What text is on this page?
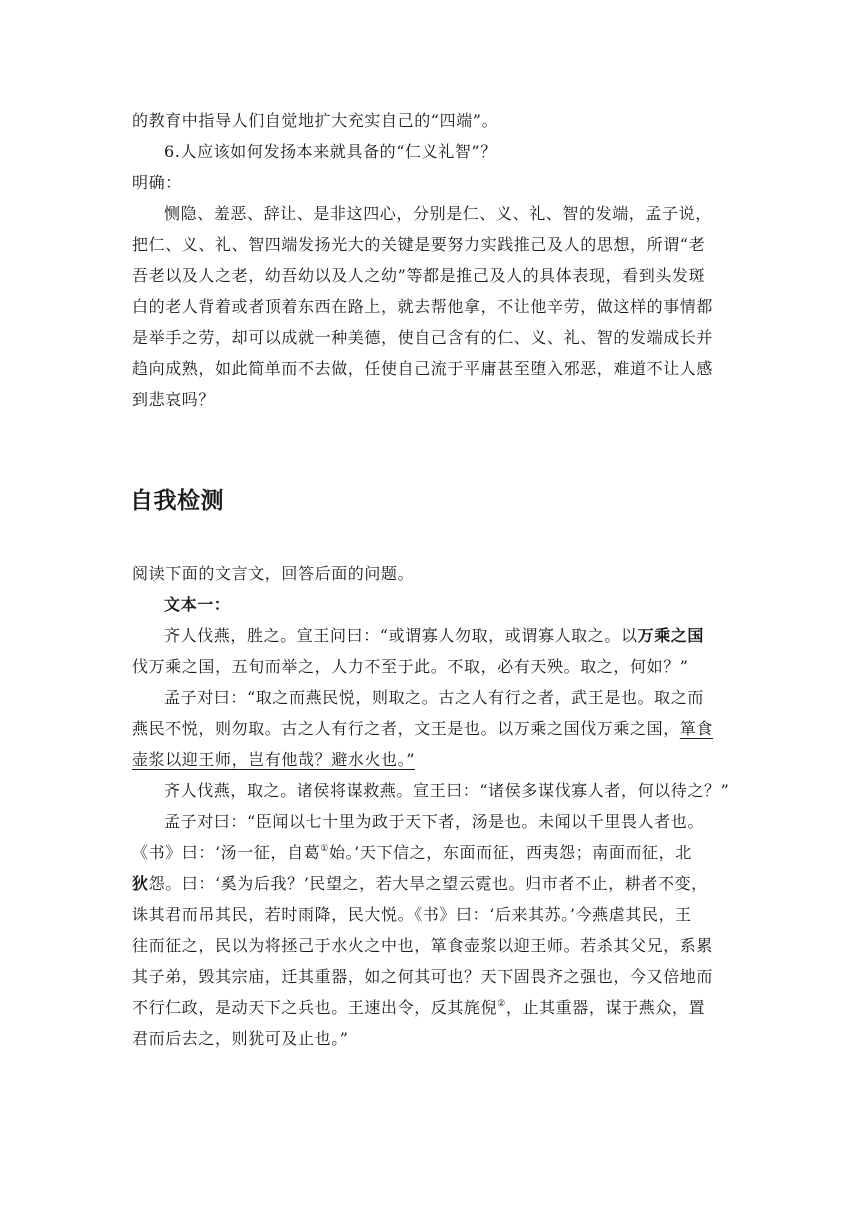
的教育中指导人们自觉地扩大充实自己的“四端”。
6.人应该如何发扬本来就具备的“仁义礼智”？
明确：
恻隐、羞恶、辞让、是非这四心，分别是仁、义、礼、智的发端，孟子说，
把仁、义、礼、智四端发扬光大的关键是要努力实践推己及人的思想，所谓“老
吾老以及人之老，幼吾幼以及人之幼”等都是推己及人的具体表现，看到头发斑
白的老人背着或者顶着东西在路上，就去帮他拿，不让他辛劳，做这样的事情都
是举手之劳，却可以成就一种美德，使自己含有的仁、义、礼、智的发端成长并
趋向成熟，如此简单而不去做，任使自己流于平庸甚至堕入邪恶，难道不让人感
到悲哀吗？
自我检测
阅读下面的文言文，回答后面的问题。
文本一：
齐人伐燕，胜之。宣王问曰：“或谓寡人勿取，或谓寡人取之。以万乘之国
伐万乘之国，五旬而举之，人力不至于此。不取，必有天殃。取之，何如？”
孟子对曰：“取之而燕民悦，则取之。古之人有行之者，武王是也。取之而
燕民不悦，则勿取。古之人有行之者，文王是也。以万乘之国伐万乘之国，箪食
壶浆以迎王师，岂有他哉？避水火也。”
齐人伐燕，取之。诸侯将谋救燕。宣王曰：“诸侯多谋伐寡人者，何以待之？”
孟子对曰：“臣闻以七十里为政于天下者，汤是也。未闻以千里畏人者也。
《书》曰：‘汤一征，自葛①始。’天下信之，东面而征，西夷怨；南面而征，北
狄怨。曰：‘奚为后我？’民望之，若大旱之望云霓也。归市者不止，耕者不变，
诛其君而吊其民，若时雨降，民大悦。《书》曰：‘后来其苏。’今燕虐其民，王
往而征之，民以为将拯己于水火之中也，箪食壶浆以迎王师。若杀其父兄，系累
其子弟，毁其宗庙，迁其重器，如之何其可也？天下固畏齐之强也，今又倍地而
不行仁政，是动天下之兵也。王速出令，反其旄倪②，止其重器，谋于燕众，置
君而后去之，则犹可及止也。”
